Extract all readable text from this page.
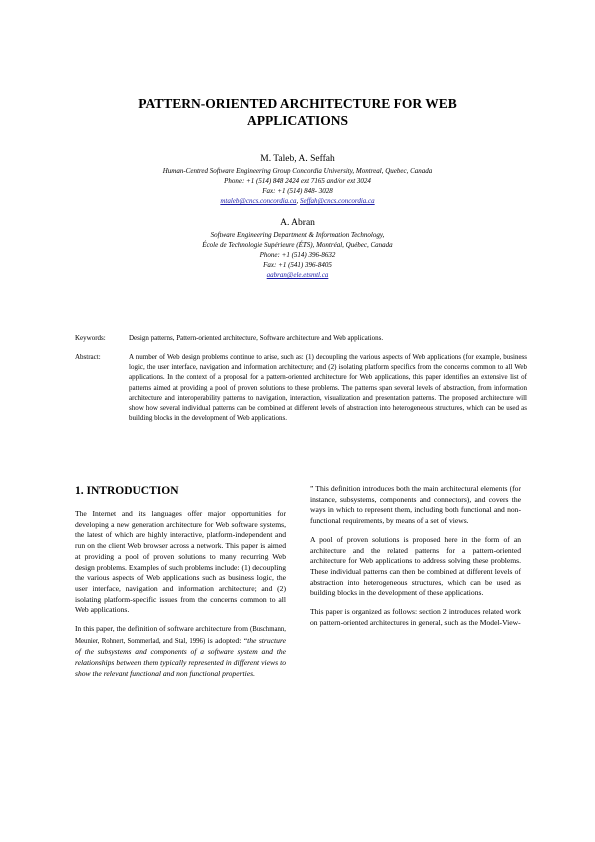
PATTERN-ORIENTED ARCHITECTURE FOR WEB
APPLICATIONS
M. Taleb, A. Seffah
Human-Centred Software Engineering Group Concordia University, Montreal, Quebec, Canada
Phone: +1 (514) 848 2424 ext 7165 and/or ext 3024
Fax: +1 (514) 848- 3028
mtaleb@cncs.concordia.ca, Seffah@cncs.concordia.ca
A. Abran
Software Engineering Department & Information Technology,
École de Technologie Supérieure (ÉTS), Montréal, Québec, Canada
Phone: +1 (514) 396-8632
Fax: +1 (541) 396-8405
aabran@ele.etsmtl.ca
Keywords:	Design patterns, Pattern-oriented architecture, Software architecture and Web applications.
Abstract:	A number of Web design problems continue to arise, such as: (1) decoupling the various aspects of Web applications (for example, business logic, the user interface, navigation and information architecture; and (2) isolating platform specifics from the concerns common to all Web applications. In the context of a proposal for a pattern-oriented architecture for Web applications, this paper identifies an extensive list of patterns aimed at providing a pool of proven solutions to these problems. The patterns span several levels of abstraction, from information architecture and interoperability patterns to navigation, interaction, visualization and presentation patterns. The proposed architecture will show how several individual patterns can be combined at different levels of abstraction into heterogeneous structures, which can be used as building blocks in the development of Web applications.
1. INTRODUCTION

The Internet and its languages offer major opportunities for developing a new generation architecture for Web software systems, the latest of which are highly interactive, platform-independent and run on the client Web browser across a network. This paper is aimed at providing a pool of proven solutions to many recurring Web design problems. Examples of such problems include: (1) decoupling the various aspects of Web applications such as business logic, the user interface, navigation and information architecture; and (2) isolating platform-specific issues from the concerns common to all Web applications.

In this paper, the definition of software architecture from (Buschmann, Meunier, Rohnert, Sommerlad, and Stal, 1996) is adopted: “the structure of the subsystems and components of a software system and the relationships between them typically represented in different views to show the relevant functional and non functional properties.

” This definition introduces both the main architectural elements (for instance, subsystems, components and connectors), and covers the ways in which to represent them, including both functional and non-functional requirements, by means of a set of views.

A pool of proven solutions is proposed here in the form of an architecture and the related patterns for a pattern-oriented architecture for Web applications to address solving these problems. These individual patterns can then be combined at different levels of abstraction into heterogeneous structures, which can be used as building blocks in the development of these applications.

This paper is organized as follows: section 2 introduces related work on pattern-oriented architectures in general, such as the Model-View-
